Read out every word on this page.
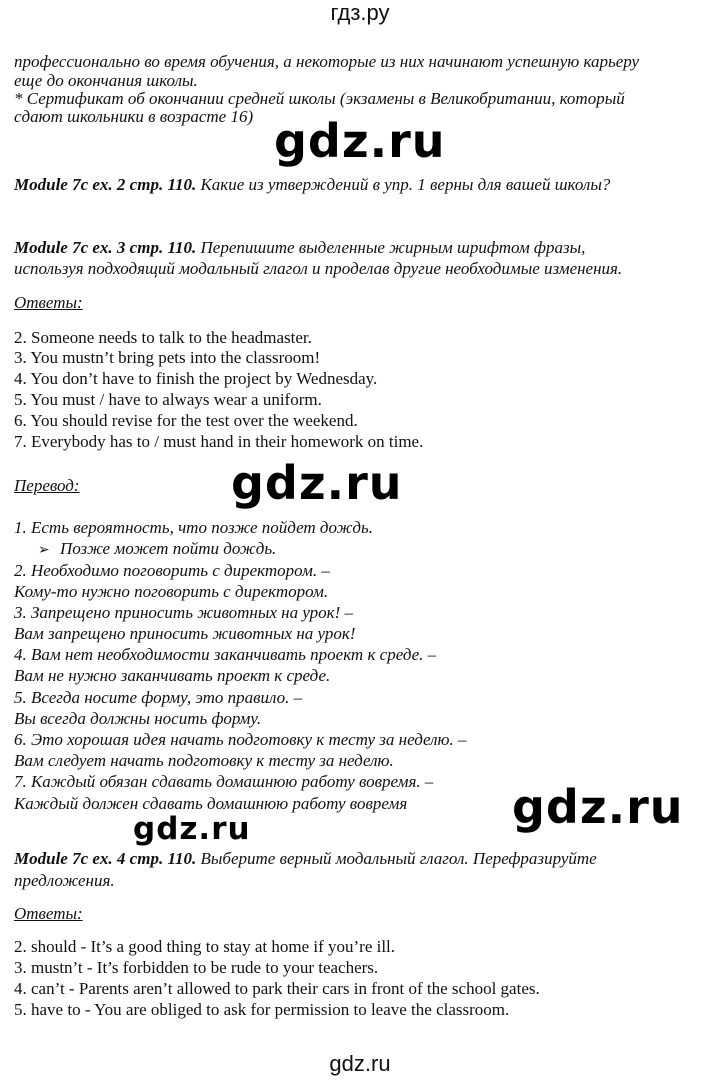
гдз.ру
профессионально во время обучения, а некоторые из них начинают успешную карьеру
еще до окончания школы.
* Сертификат об окончании средней школы (экзамены в Великобритании, который
сдают школьники в возрасте 16)
Module 7c ex. 2 стр. 110. Какие из утверждений в упр. 1 верны для вашей школы?
Module 7c ex. 3 стр. 110. Перепишите выделенные жирным шрифтом фразы,
используя подходящий модальный глагол и проделав другие необходимые изменения.
Ответы:
2. Someone needs to talk to the headmaster.
3. You mustn’t bring pets into the classroom!
4. You don’t have to finish the project by Wednesday.
5. You must / have to always wear a uniform.
6. You should revise for the test over the weekend.
7. Everybody has to / must hand in their homework on time.
Перевод:
1. Есть вероятность, что позже пойдет дождь.
➢ Позже может пойти дождь.
2. Необходимо поговорить с директором. –
Кому-то нужно поговорить с директором.
3. Запрещено приносить животных на урок! –
Вам запрещено приносить животных на урок!
4. Вам нет необходимости заканчивать проект к среде. –
Вам не нужно заканчивать проект к среде.
5. Всегда носите форму, это правило. –
Вы всегда должны носить форму.
6. Это хорошая идея начать подготовку к тесту за неделю. –
Вам следует начать подготовку к тесту за неделю.
7. Каждый обязан сдавать домашнюю работу вовремя. –
Каждый должен сдавать домашнюю работу вовремя
Module 7c ex. 4 стр. 110. Выберите верный модальный глагол. Перефразируйте
предложения.
Ответы:
2. should - It’s a good thing to stay at home if you’re ill.
3. mustn’t - It’s forbidden to be rude to your teachers.
4. can’t - Parents aren’t allowed to park their cars in front of the school gates.
5. have to - You are obliged to ask for permission to leave the classroom.
gdz.ru
gdz.ru
gdz.ru
gdz.ru
gdz.ru
